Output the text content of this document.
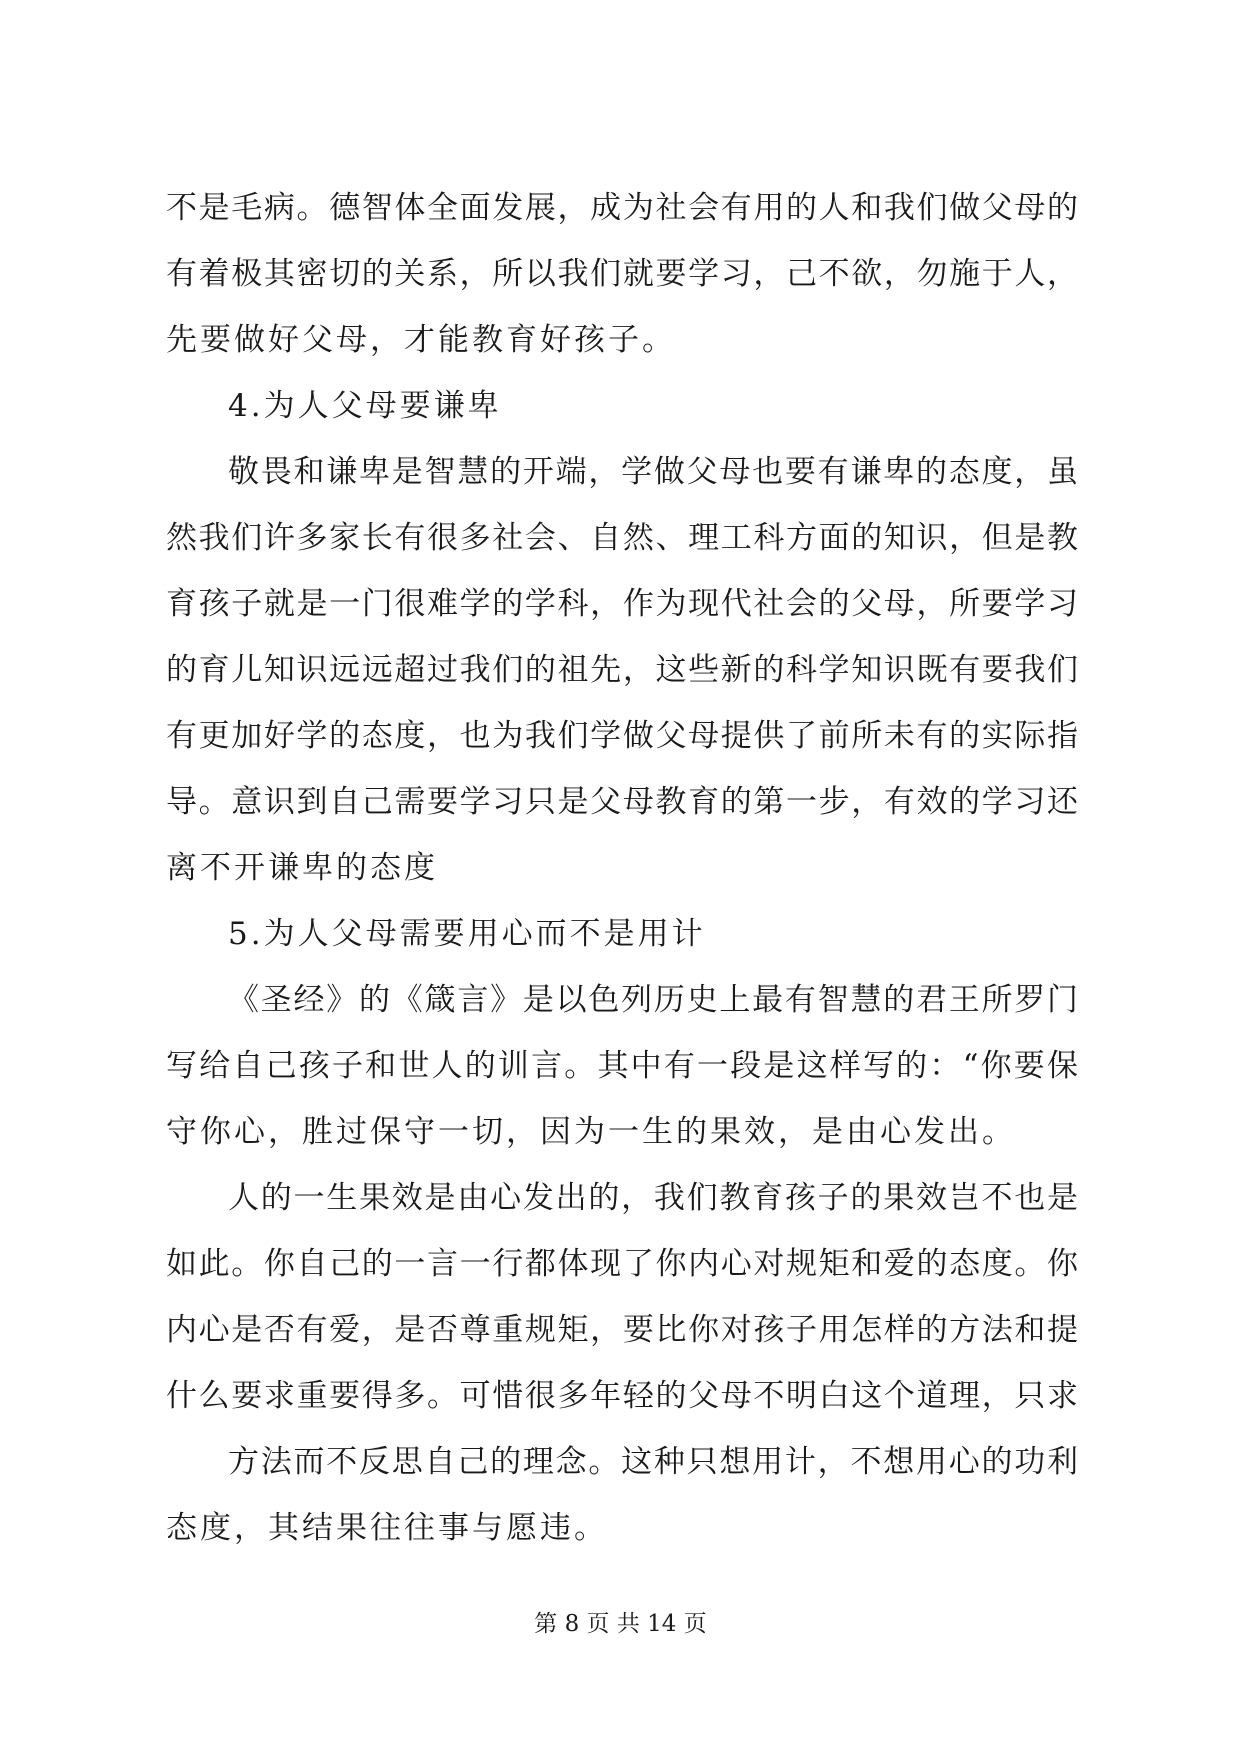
不是毛病。德智体全面发展，成为社会有用的人和我们做父母的
有着极其密切的关系，所以我们就要学习，己不欲，勿施于人，
先要做好父母，才能教育好孩子。
4.为人父母要谦卑
敬畏和谦卑是智慧的开端，学做父母也要有谦卑的态度，虽
然我们许多家长有很多社会、自然、理工科方面的知识，但是教
育孩子就是一门很难学的学科，作为现代社会的父母，所要学习
的育儿知识远远超过我们的祖先，这些新的科学知识既有要我们
有更加好学的态度，也为我们学做父母提供了前所未有的实际指
导。意识到自己需要学习只是父母教育的第一步，有效的学习还
离不开谦卑的态度
5.为人父母需要用心而不是用计
《圣经》的《箴言》是以色列历史上最有智慧的君王所罗门
写给自己孩子和世人的训言。其中有一段是这样写的：“你要保
守你心，胜过保守一切，因为一生的果效，是由心发出。
人的一生果效是由心发出的，我们教育孩子的果效岂不也是
如此。你自己的一言一行都体现了你内心对规矩和爱的态度。你
内心是否有爱，是否尊重规矩，要比你对孩子用怎样的方法和提
什么要求重要得多。可惜很多年轻的父母不明白这个道理，只求
方法而不反思自己的理念。这种只想用计，不想用心的功利
态度，其结果往往事与愿违。
第 8 页 共 14 页
